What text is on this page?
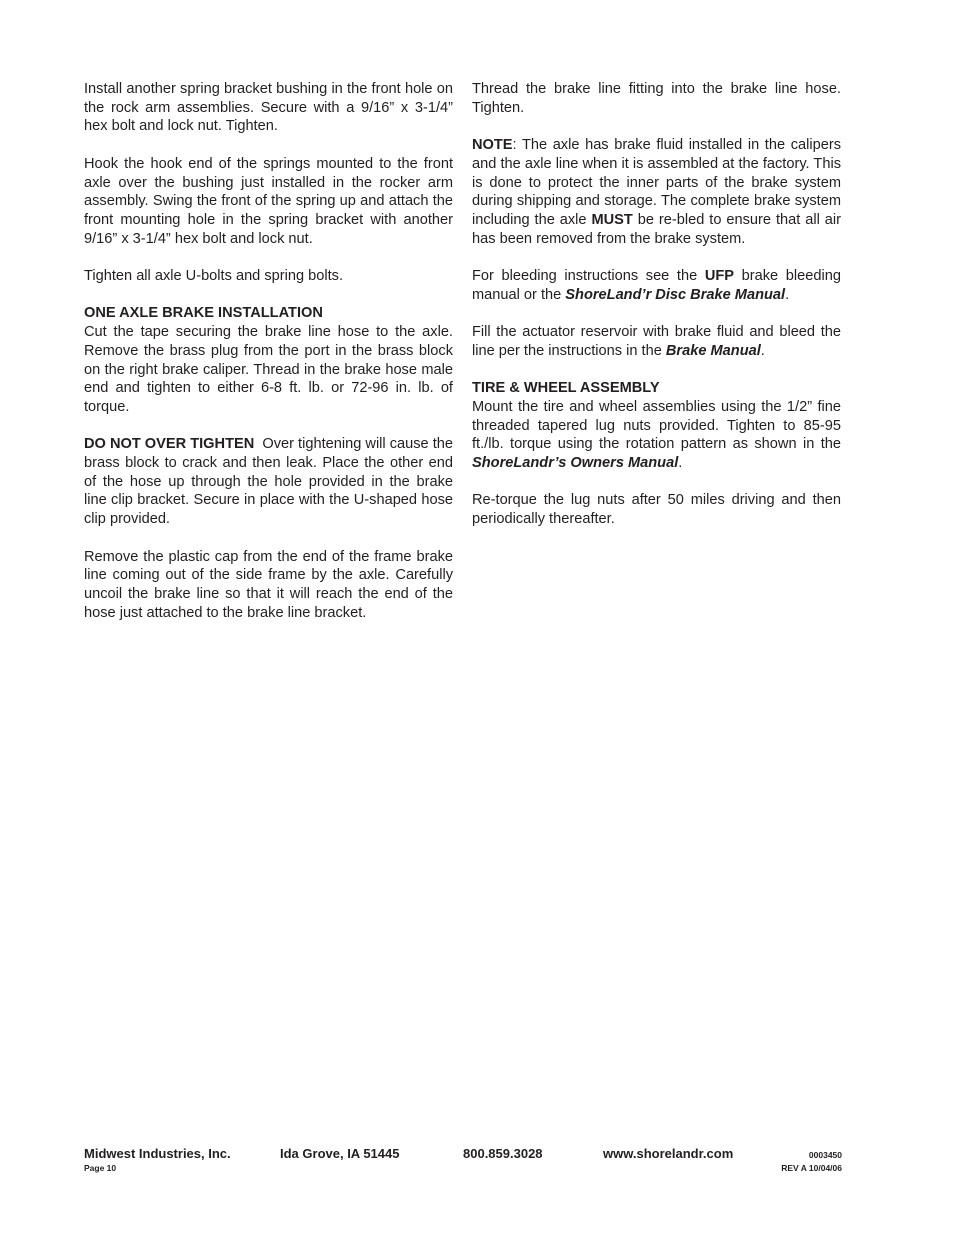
Install another spring bracket bushing in the front hole on the rock arm assemblies. Secure with a 9/16” x 3-1/4” hex bolt and lock nut. Tighten.

Hook the hook end of the springs mounted to the front axle over the bushing just installed in the rocker arm assembly. Swing the front of the spring up and attach the front mounting hole in the spring bracket with another 9/16” x 3-1/4” hex bolt and lock nut.

Tighten all axle U-bolts and spring bolts.

ONE AXLE BRAKE INSTALLATION

Cut the tape securing the brake line hose to the axle. Remove the brass plug from the port in the brass block on the right brake caliper. Thread in the brake hose male end and tighten to either 6-8 ft. lb. or 72-96 in. lb. of torque.

DO NOT OVER TIGHTEN  Over tightening will cause the brass block to crack and then leak. Place the other end of the hose up through the hole provided in the brake line clip bracket. Secure in place with the U-shaped hose clip provided.

Remove the plastic cap from the end of the frame brake line coming out of the side frame by the axle. Carefully uncoil the brake line so that it will reach the end of the hose just attached to the brake line bracket.

Thread the brake line fitting into the brake line hose. Tighten.

NOTE: The axle has brake fluid installed in the calipers and the axle line when it is assembled at the factory. This is done to protect the inner parts of the brake system during shipping and storage. The complete brake system including the axle MUST be re-bled to ensure that all air has been removed from the brake system.

For bleeding instructions see the UFP brake bleeding manual or the ShoreLand’r Disc Brake Manual.

Fill the actuator reservoir with brake fluid and bleed the line per the instructions in the Brake Manual.

TIRE & WHEEL ASSEMBLY

Mount the tire and wheel assemblies using the 1/2” fine threaded tapered lug nuts provided. Tighten to 85-95 ft./lb. torque using the rotation pattern as shown in the ShoreLandr’s Owners Manual.

Re-torque the lug nuts after 50 miles driving and then periodically thereafter.

Midwest Industries, Inc.
Page 10
Ida Grove, IA 51445	800.859.3028	www.shorelandr.com	0003450
REV A 10/04/06
